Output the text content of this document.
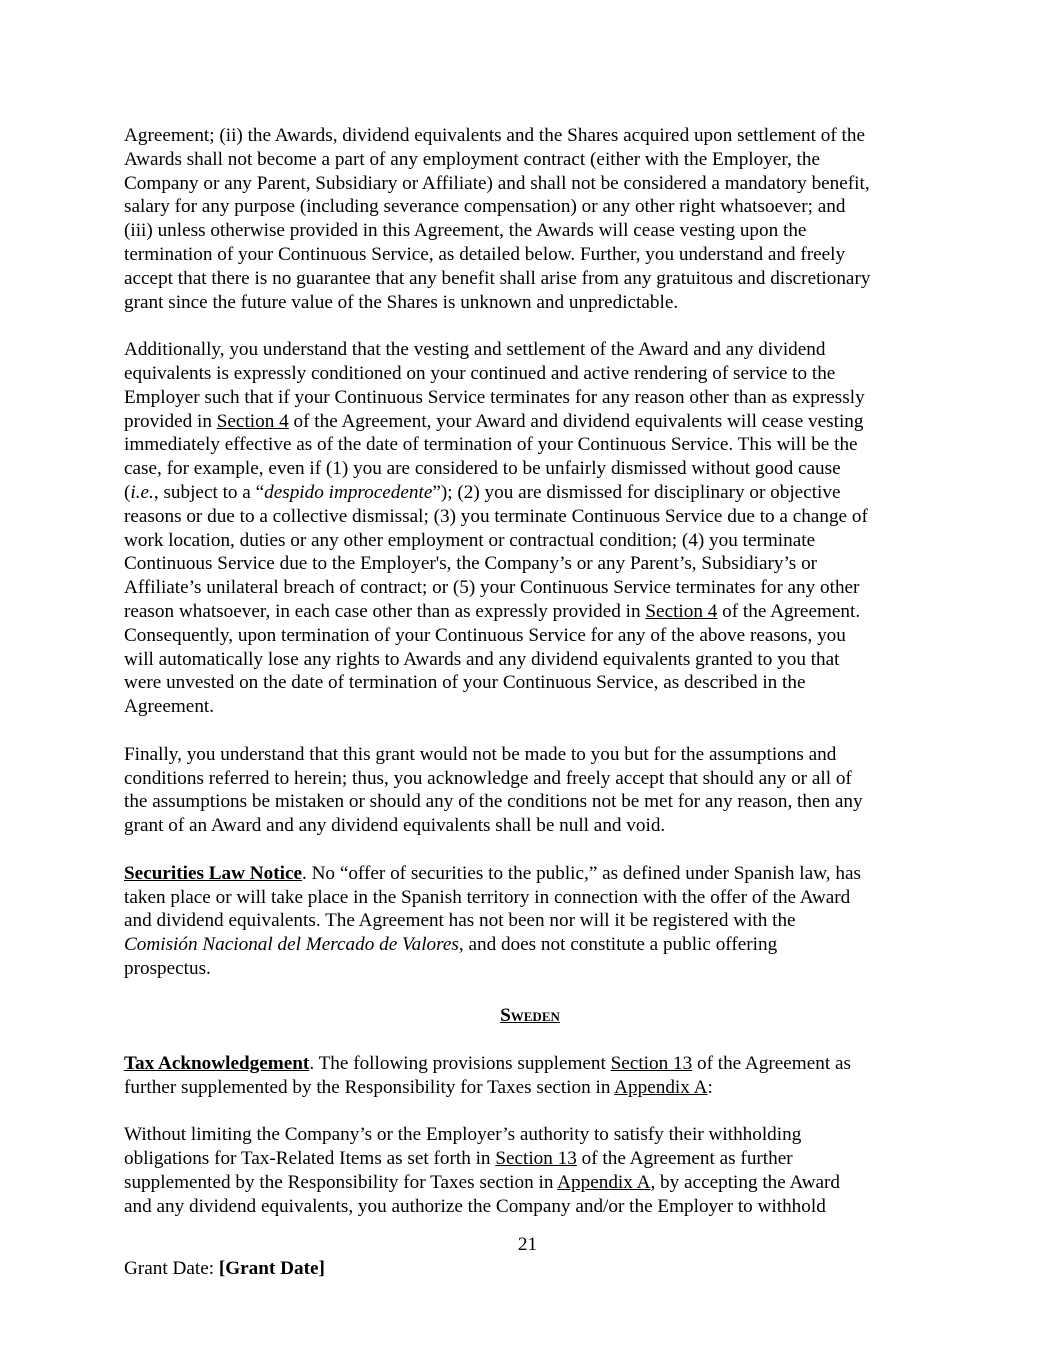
Agreement; (ii) the Awards, dividend equivalents and the Shares acquired upon settlement of the
Awards shall not become a part of any employment contract (either with the Employer, the
Company or any Parent, Subsidiary or Affiliate) and shall not be considered a mandatory benefit,
salary for any purpose (including severance compensation) or any other right whatsoever; and
(iii) unless otherwise provided in this Agreement, the Awards will cease vesting upon the
termination of your Continuous Service, as detailed below. Further, you understand and freely
accept that there is no guarantee that any benefit shall arise from any gratuitous and discretionary
grant since the future value of the Shares is unknown and unpredictable.

Additionally, you understand that the vesting and settlement of the Award and any dividend
equivalents is expressly conditioned on your continued and active rendering of service to the
Employer such that if your Continuous Service terminates for any reason other than as expressly
provided in Section 4 of the Agreement, your Award and dividend equivalents will cease vesting
immediately effective as of the date of termination of your Continuous Service. This will be the
case, for example, even if (1) you are considered to be unfairly dismissed without good cause
(i.e., subject to a “despido improcedente”); (2) you are dismissed for disciplinary or objective
reasons or due to a collective dismissal; (3) you terminate Continuous Service due to a change of
work location, duties or any other employment or contractual condition; (4) you terminate
Continuous Service due to the Employer's, the Company’s or any Parent’s, Subsidiary’s or
Affiliate’s unilateral breach of contract; or (5) your Continuous Service terminates for any other
reason whatsoever, in each case other than as expressly provided in Section 4 of the Agreement.
Consequently, upon termination of your Continuous Service for any of the above reasons, you
will automatically lose any rights to Awards and any dividend equivalents granted to you that
were unvested on the date of termination of your Continuous Service, as described in the
Agreement.

Finally, you understand that this grant would not be made to you but for the assumptions and
conditions referred to herein; thus, you acknowledge and freely accept that should any or all of
the assumptions be mistaken or should any of the conditions not be met for any reason, then any
grant of an Award and any dividend equivalents shall be null and void.

Securities Law Notice. No “offer of securities to the public,” as defined under Spanish law, has
taken place or will take place in the Spanish territory in connection with the offer of the Award
and dividend equivalents. The Agreement has not been nor will it be registered with the
Comisión Nacional del Mercado de Valores, and does not constitute a public offering
prospectus.

Sweden

Tax Acknowledgement. The following provisions supplement Section 13 of the Agreement as
further supplemented by the Responsibility for Taxes section in Appendix A:

Without limiting the Company’s or the Employer’s authority to satisfy their withholding
obligations for Tax-Related Items as set forth in Section 13 of the Agreement as further
supplemented by the Responsibility for Taxes section in Appendix A, by accepting the Award
and any dividend equivalents, you authorize the Company and/or the Employer to withhold

21
Grant Date: [Grant Date]
